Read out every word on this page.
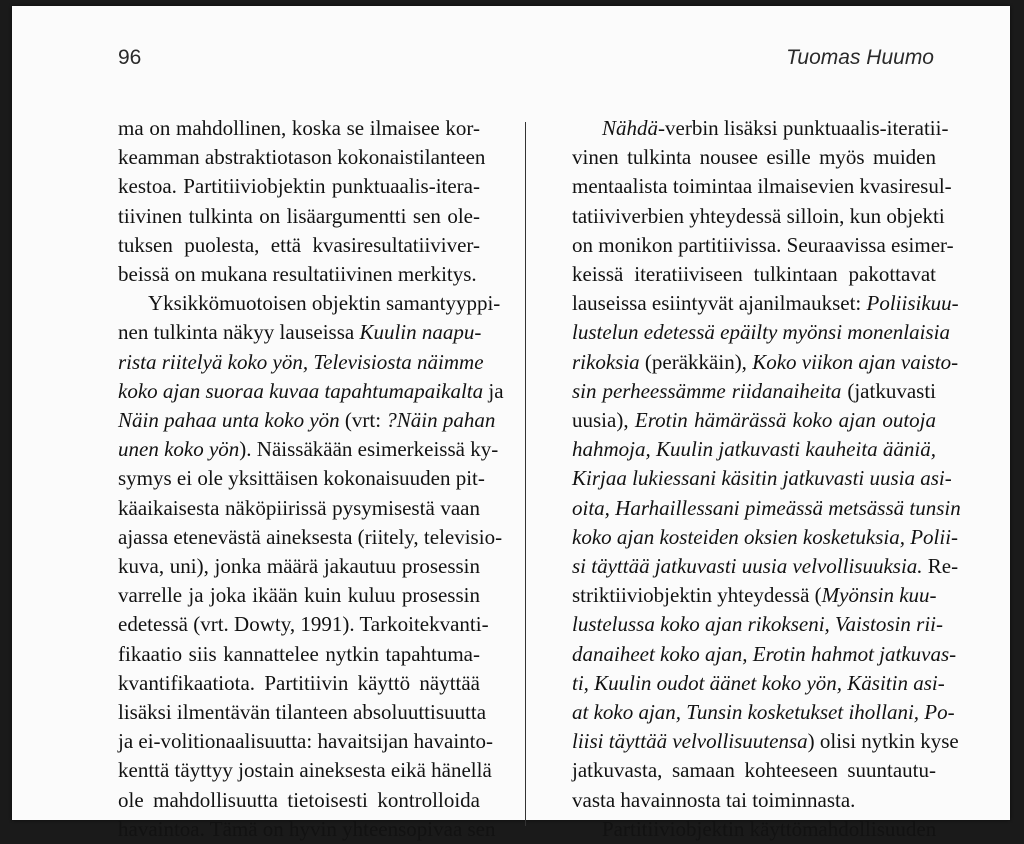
96	Tuomas Huumo
ma on mahdollinen, koska se ilmaisee kor-
keamman abstraktiotason kokonaistilanteen
kestoa. Partitiiviobjektin punktuaalis-itera-
tiivinen tulkinta on lisäargumentti sen ole-
tuksen puolesta, että kvasiresultatiiviver-
beissä on mukana resultatiivinen merkitys.
Yksikkömuotoisen objektin samantyyppi-
nen tulkinta näkyy lauseissa Kuulin naapu-
rista riitelyä koko yön, Televisiosta näimme
koko ajan suoraa kuvaa tapahtumapaikalta ja
Näin pahaa unta koko yön (vrt: ?Näin pahan
unen koko yön). Näissäkään esimerkeissä ky-
symys ei ole yksittäisen kokonaisuuden pit-
käaikaisesta näköpiirissä pysymisestä vaan
ajassa etenevästä aineksesta (riitely, televisio-
kuva, uni), jonka määrä jakautuu prosessin
varrelle ja joka ikään kuin kuluu prosessin
edetessä (vrt. Dowty, 1991). Tarkoitekvanti-
fikaatio siis kannattelee nytkin tapahtuma-
kvantifikaatiota. Partitiivin käyttö näyttää
lisäksi ilmentävän tilanteen absoluuttisuutta
ja ei-volitionaalisuutta: havaitsijan havainto-
kenttä täyttyy jostain aineksesta eikä hänellä
ole mahdollisuutta tietoisesti kontrolloida
havaintoa. Tämä on hyvin yhteensopivaa sen
Nähdä-verbin lisäksi punktuaalis-iteratii-
vinen tulkinta nousee esille myös muiden
mentaalista toimintaa ilmaisevien kvasiresul-
tatiiviverbien yhteydessä silloin, kun objekti
on monikon partitiivissa. Seuraavissa esimer-
keissä iteratiiviseen tulkintaan pakottavat
lauseissa esiintyvät ajanilmaukset: Poliisikuu-
lustelun edetessä epäilty myönsi monenlaisia
rikoksia (peräkkäin), Koko viikon ajan vaisto-
sin perheessämme riidanaiheita (jatkuvasti
uusia), Erotin hämärässä koko ajan outoja
hahmoja, Kuulin jatkuvasti kauheita ääniä,
Kirjaa lukiessani käsitin jatkuvasti uusia asi-
oita, Harhaillessani pimeässä metsässä tunsin
koko ajan kosteiden oksien kosketuksia, Polii-
si täyttää jatkuvasti uusia velvollisuuksia. Re-
striktiiviobjektin yhteydessä (Myönsin kuu-
lustelussa koko ajan rikokseni, Vaistosin rii-
danaiheet koko ajan, Erotin hahmot jatkuvas-
ti, Kuulin oudot äänet koko yön, Käsitin asi-
at koko ajan, Tunsin kosketukset ihollani, Po-
liisi täyttää velvollisuutensa) olisi nytkin kyse
jatkuvasta, samaan kohteeseen suuntautu-
vasta havainnosta tai toiminnasta.
Partitiiviobjektin käyttömahdollisuuden
